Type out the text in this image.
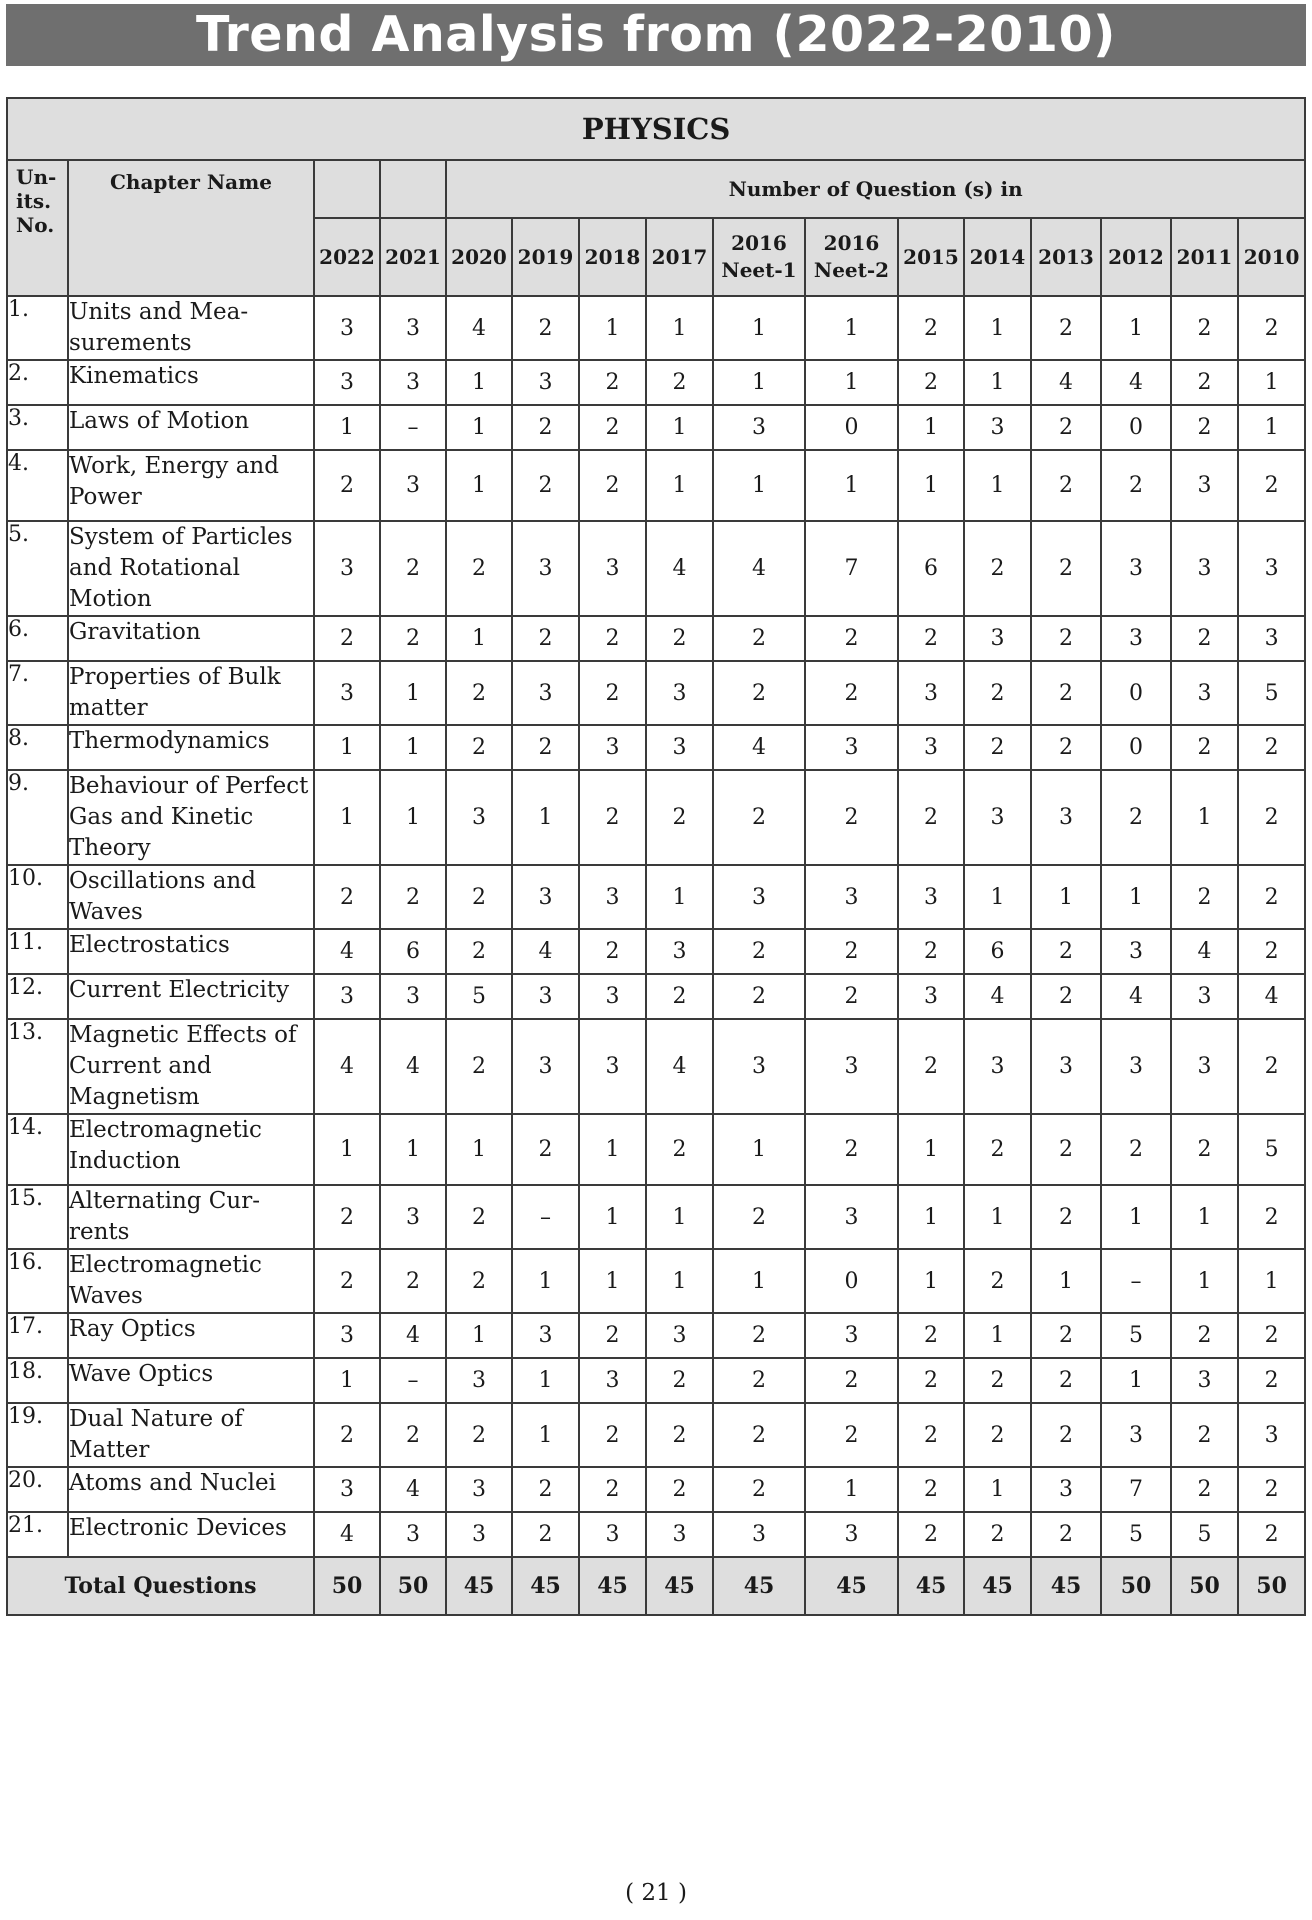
Trend Analysis from (2022-2010)
PHYSICS															
Un- its. No.	Chapter Name			Number of Question (s) in											
		2022	2021	2020	2019	2018	2017	2016 Neet-1	2016 Neet-2	2015	2014	2013	2012	2011	2010
1.	Units and Mea- surements	3	3	4	2	1	1	1	1	2	1	2	1	2	2
2.	Kinematics	3	3	1	3	2	2	1	1	2	1	4	4	2	1
3.	Laws of Motion	1	–	1	2	2	1	3	0	1	3	2	0	2	1
4.	Work, Energy and Power	2	3	1	2	2	1	1	1	1	1	2	2	3	2
5.	System of Particles and Rotational Motion	3	2	2	3	3	4	4	7	6	2	2	3	3	3
6.	Gravitation	2	2	1	2	2	2	2	2	2	3	2	3	2	3
7.	Properties of Bulk matter	3	1	2	3	2	3	2	2	3	2	2	0	3	5
8.	Thermodynamics	1	1	2	2	3	3	4	3	3	2	2	0	2	2
9.	Behaviour of Perfect Gas and Kinetic Theory	1	1	3	1	2	2	2	2	2	3	3	2	1	2
10.	Oscillations and Waves	2	2	2	3	3	1	3	3	3	1	1	1	2	2
11.	Electrostatics	4	6	2	4	2	3	2	2	2	6	2	3	4	2
12.	Current Electricity	3	3	5	3	3	2	2	2	3	4	2	4	3	4
13.	Magnetic Effects of Current and Magnetism	4	4	2	3	3	4	3	3	2	3	3	3	3	2
14.	Electromagnetic Induction	1	1	1	2	1	2	1	2	1	2	2	2	2	5
15.	Alternating Cur- rents	2	3	2	–	1	1	2	3	1	1	2	1	1	2
16.	Electromagnetic Waves	2	2	2	1	1	1	1	0	1	2	1	–	1	1
17.	Ray Optics	3	4	1	3	2	3	2	3	2	1	2	5	2	2
18.	Wave Optics	1	–	3	1	3	2	2	2	2	2	2	1	3	2
19.	Dual Nature of Matter	2	2	2	1	2	2	2	2	2	2	2	3	2	3
20.	Atoms and Nuclei	3	4	3	2	2	2	2	1	2	1	3	7	2	2
21.	Electronic Devices	4	3	3	2	3	3	3	3	2	2	2	5	5	2
Total Questions		50	50	45	45	45	45	45	45	45	45	45	50	50	50
( 21 )
